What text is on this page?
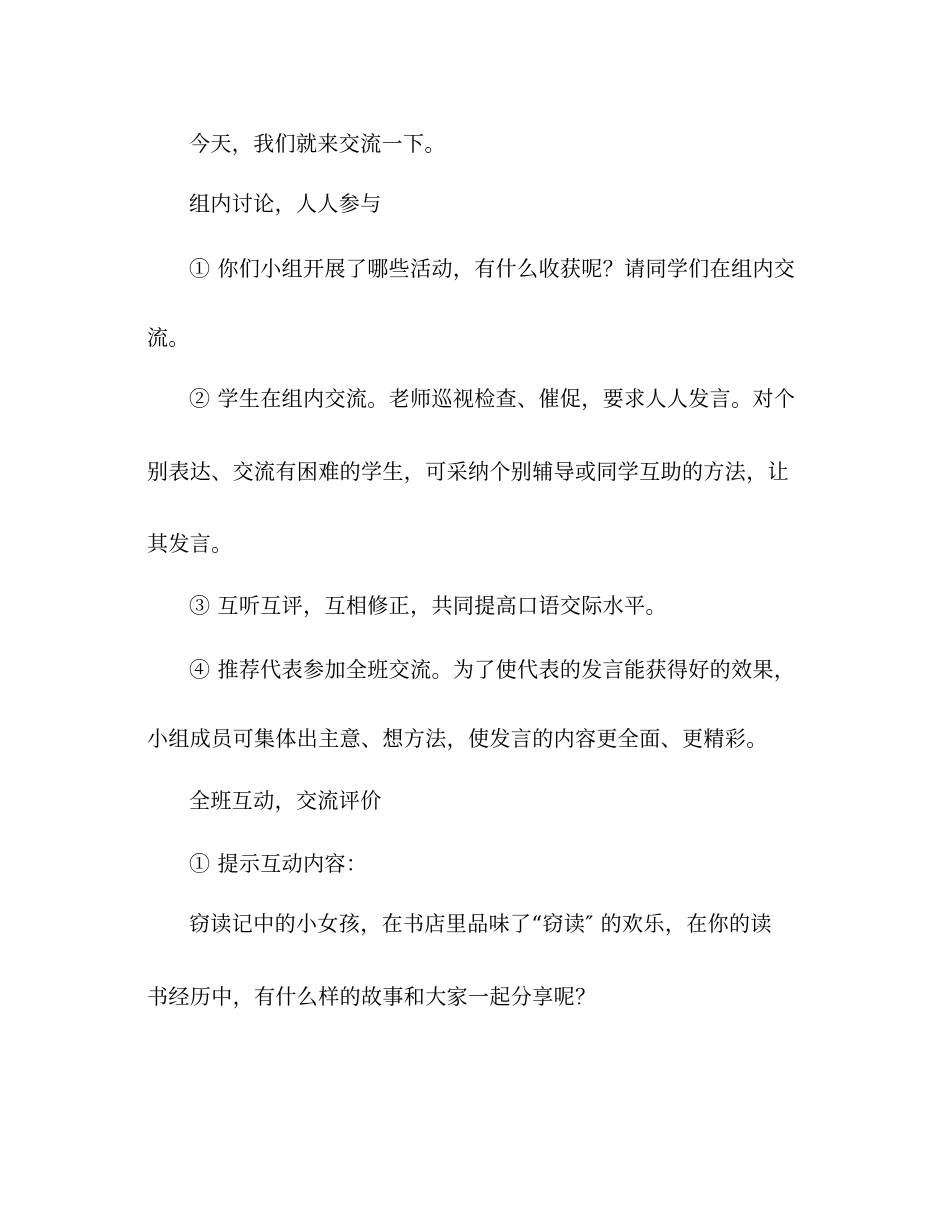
今天，我们就来交流一下。
组内讨论，人人参与
① 你们小组开展了哪些活动，有什么收获呢？请同学们在组内交
流。
② 学生在组内交流。老师巡视检查、催促，要求人人发言。对个
别表达、交流有困难的学生，可采纳个别辅导或同学互助的方法，让
其发言。
③ 互听互评，互相修正，共同提高口语交际水平。
④ 推荐代表参加全班交流。为了使代表的发言能获得好的效果，
小组成员可集体出主意、想方法，使发言的内容更全面、更精彩。
全班互动，交流评价
① 提示互动内容：
窃读记中的小女孩，在书店里品味了“窃读″ 的欢乐，在你的读
书经历中，有什么样的故事和大家一起分享呢？
